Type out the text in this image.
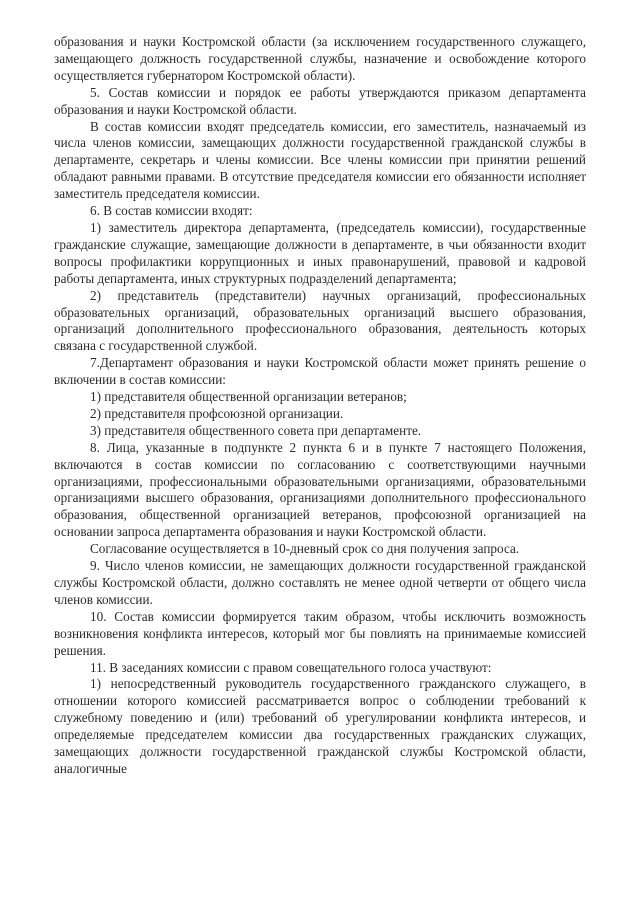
образования и науки Костромской области (за исключением государственного служащего, замещающего должность государственной службы, назначение и освобождение которого осуществляется губернатором Костромской области).

5. Состав комиссии и порядок ее работы утверждаются приказом департамента образования и науки Костромской области.

В состав комиссии входят председатель комиссии, его заместитель, назначаемый из числа членов комиссии, замещающих должности государственной гражданской службы в департаменте, секретарь и члены комиссии. Все члены комиссии при принятии решений обладают равными правами. В отсутствие председателя комиссии его обязанности исполняет заместитель председателя комиссии.

6. В состав комиссии входят:

1) заместитель директора департамента, (председатель комиссии), государственные гражданские служащие, замещающие должности в департаменте, в чьи обязанности входит вопросы профилактики коррупционных и иных правонарушений, правовой и кадровой работы департамента, иных структурных подразделений департамента;

2) представитель (представители) научных организаций, профессиональных образовательных организаций, образовательных организаций высшего образования, организаций дополнительного профессионального образования, деятельность которых связана с государственной службой.

7.Департамент образования и науки Костромской области может принять решение о включении в состав комиссии:

1) представителя общественной организации ветеранов;

2) представителя профсоюзной организации.

3) представителя общественного совета при департаменте.

8. Лица, указанные в подпункте 2 пункта 6 и в пункте 7 настоящего Положения, включаются в состав комиссии по согласованию с соответствующими научными организациями, профессиональными образовательными организациями, образовательными организациями высшего образования, организациями дополнительного профессионального образования, общественной организацией ветеранов, профсоюзной организацией на основании запроса департамента образования и науки Костромской области.

Согласование осуществляется в 10-дневный срок со дня получения запроса.

9. Число членов комиссии, не замещающих должности государственной гражданской службы Костромской области, должно составлять не менее одной четверти от общего числа членов комиссии.

10. Состав комиссии формируется таким образом, чтобы исключить возможность возникновения конфликта интересов, который мог бы повлиять на принимаемые комиссией решения.

11. В заседаниях комиссии с правом совещательного голоса участвуют:

1) непосредственный руководитель государственного гражданского служащего, в отношении которого комиссией рассматривается вопрос о соблюдении требований к служебному поведению и (или) требований об урегулировании конфликта интересов, и определяемые председателем комиссии два государственных гражданских служащих, замещающих должности государственной гражданской службы Костромской области, аналогичные
